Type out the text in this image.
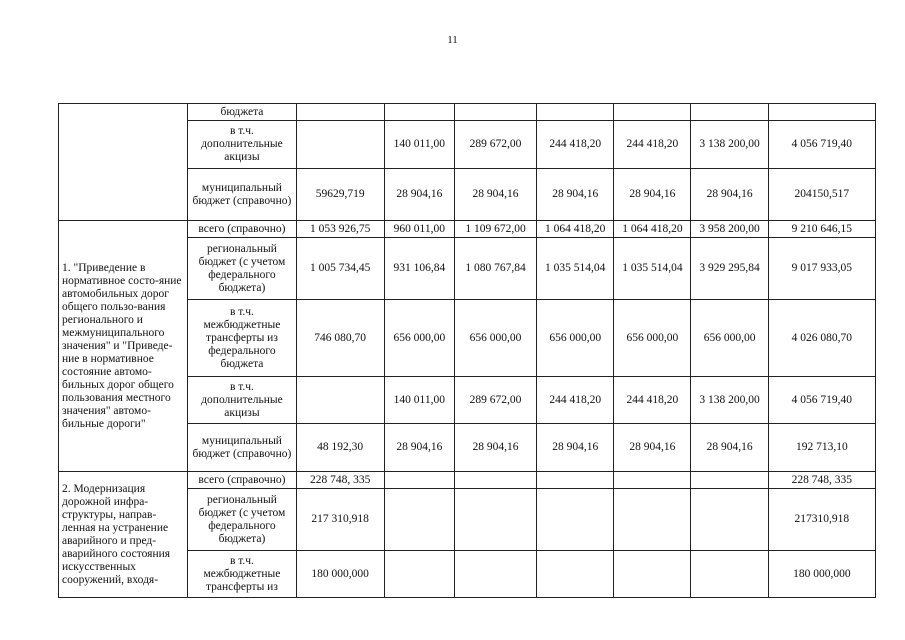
11
	бюджета							
	в т.ч. дополнительные акцизы		140 011,00	289 672,00	244 418,20	244 418,20	3 138 200,00	4 056 719,40
	муниципальный бюджет (справочно)	59629,719	28 904,16	28 904,16	28 904,16	28 904,16	28 904,16	204150,517
1. "Приведение в нормативное состо-яние автомобильных дорог общего пользо-вания регионального и межмуниципального значения" и "Приведе-ние в нормативное состояние автомо-бильных дорог общего пользования местного значения" автомо-бильные дороги"	всего (справочно)	1 053 926,75	960 011,00	1 109 672,00	1 064 418,20	1 064 418,20	3 958 200,00	9 210 646,15
	региональный бюджет (с учетом федерального бюджета)	1 005 734,45	931 106,84	1 080 767,84	1 035 514,04	1 035 514,04	3 929 295,84	9 017 933,05
	в т.ч. межбюджетные трансферты из федерального бюджета	746 080,70	656 000,00	656 000,00	656 000,00	656 000,00	656 000,00	4 026 080,70
	в т.ч. дополнительные акцизы		140 011,00	289 672,00	244 418,20	244 418,20	3 138 200,00	4 056 719,40
	муниципальный бюджет (справочно)	48 192,30	28 904,16	28 904,16	28 904,16	28 904,16	28 904,16	192 713,10
2. Модернизация дорожной инфра-структуры, направ-ленная на устранение аварийного и пред-аварийного состояния искусственных сооружений, входя-	всего (справочно)	228 748, 335						228 748, 335
	региональный бюджет (с учетом федерального бюджета)	217 310,918						217310,918
	в т.ч. межбюджетные трансферты из	180 000,000						180 000,000
